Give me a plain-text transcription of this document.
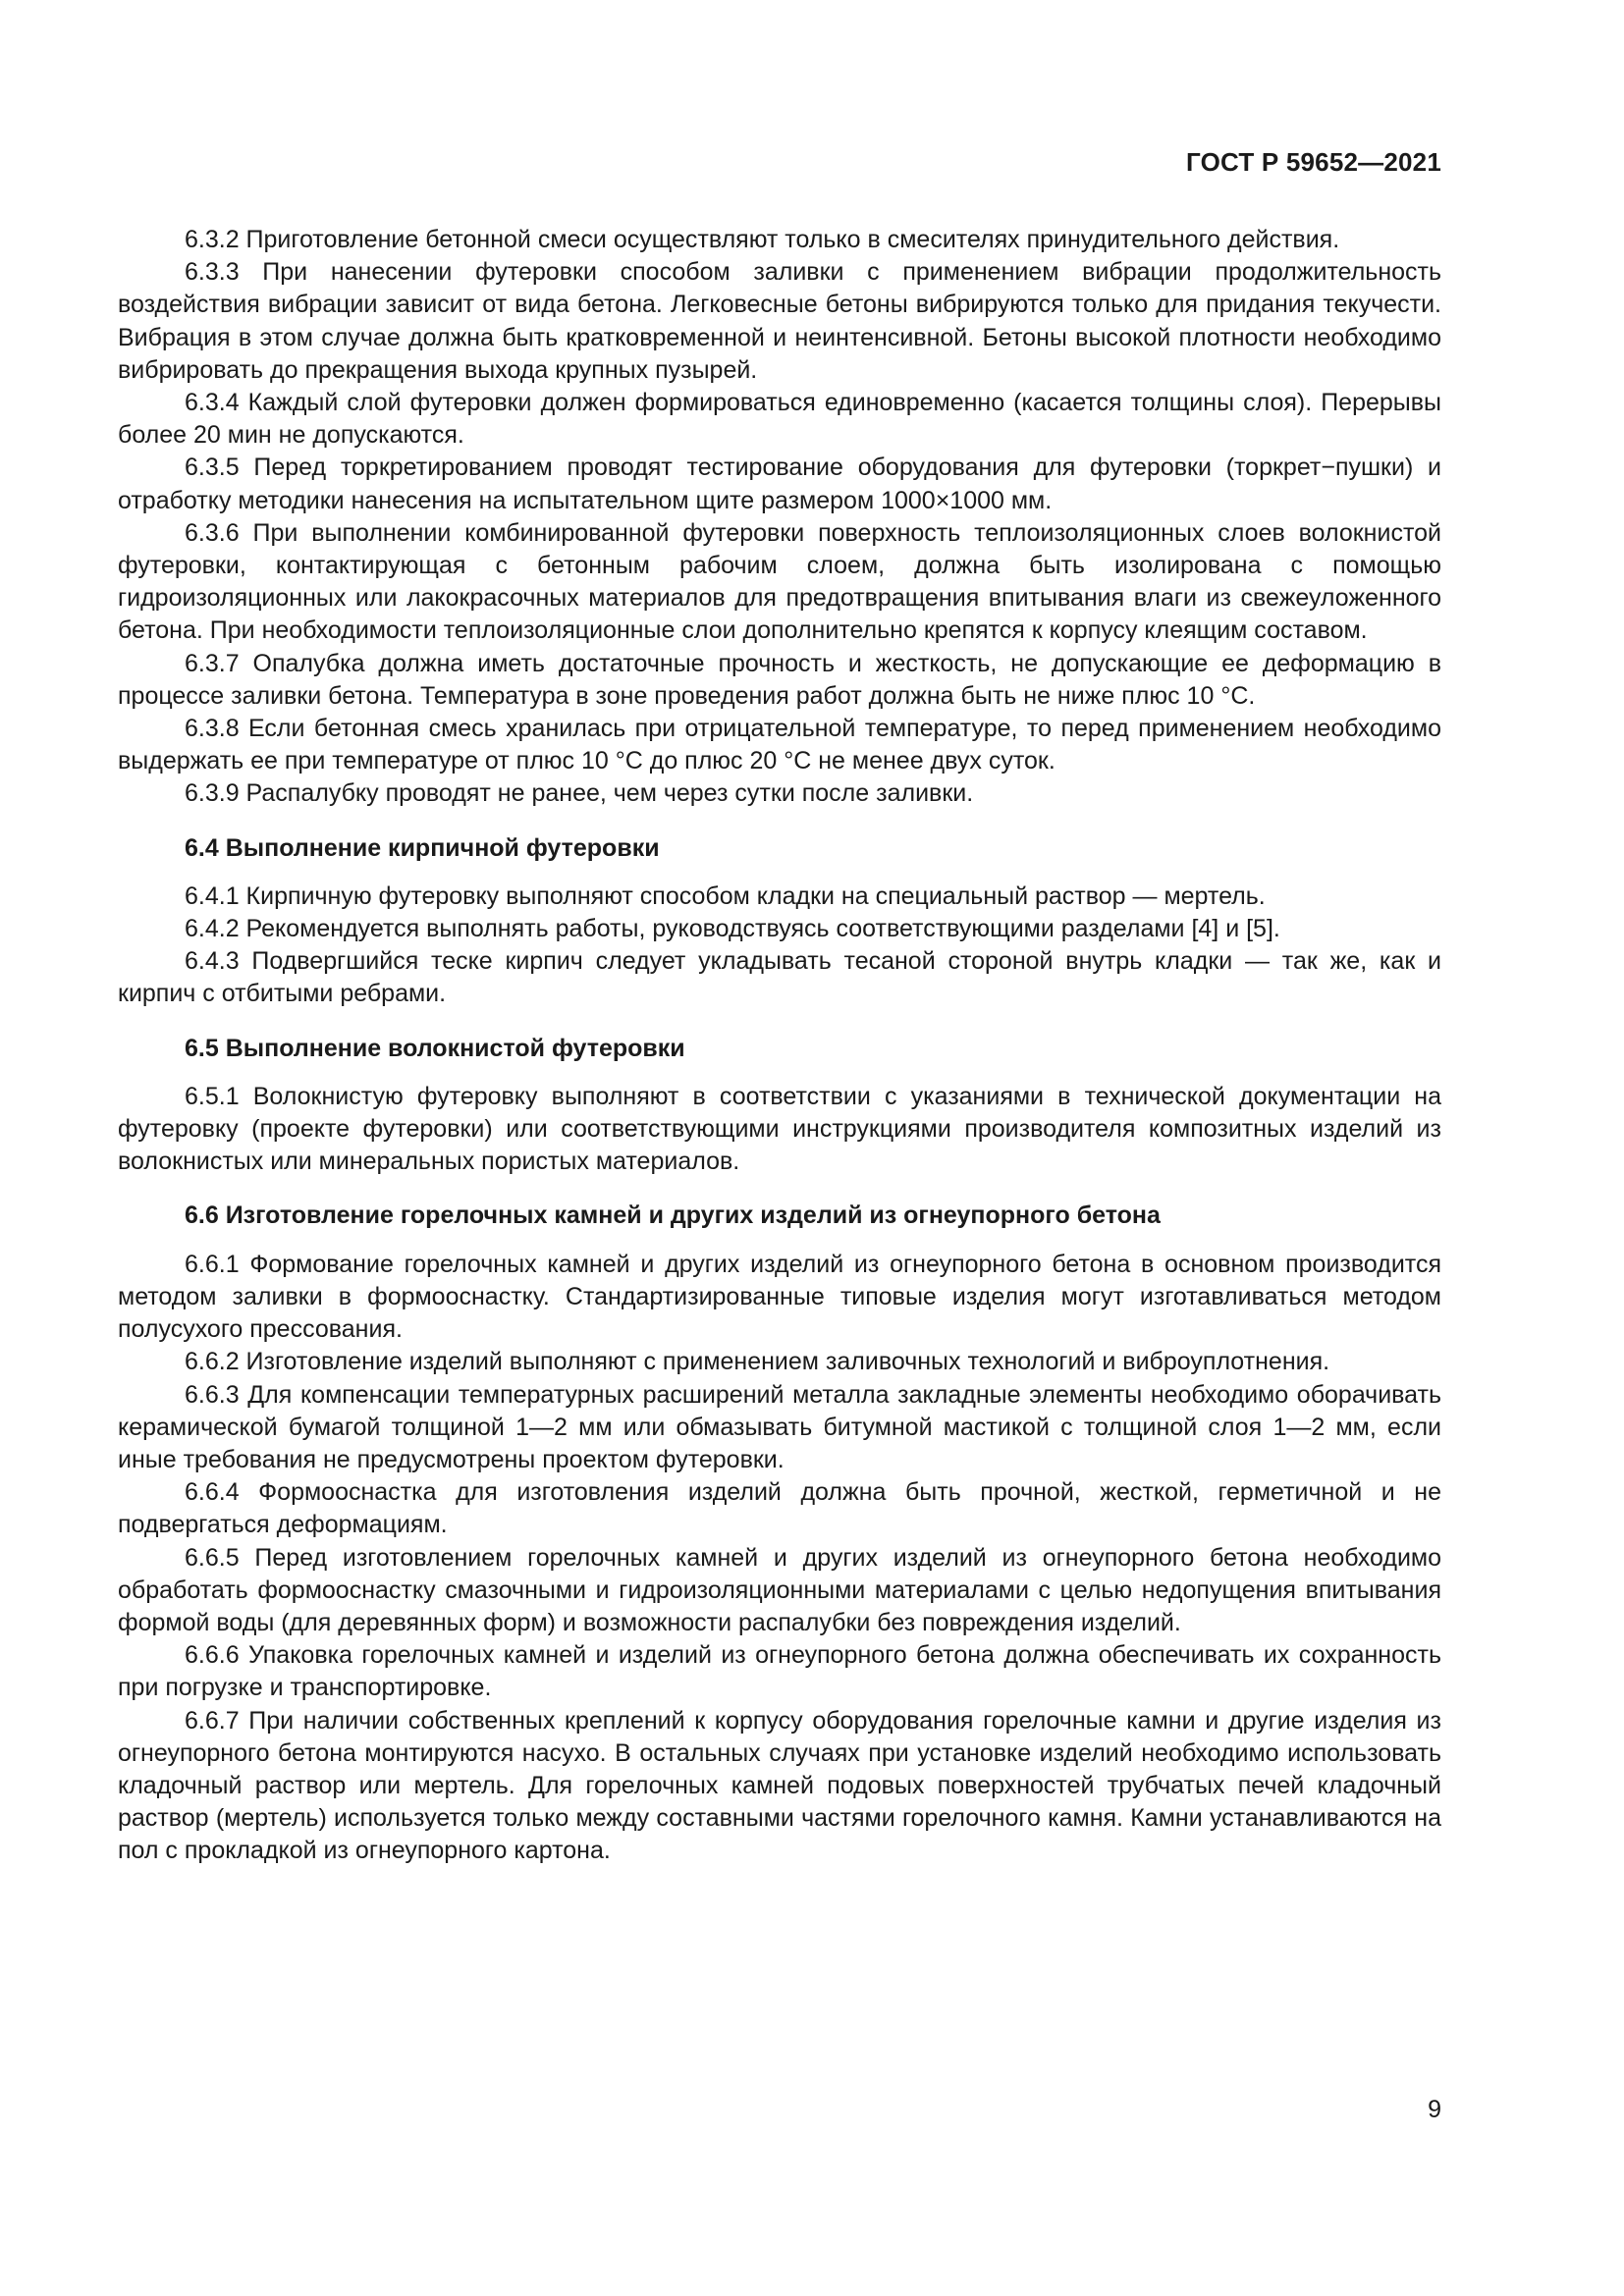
ГОСТ Р 59652—2021

6.3.2 Приготовление бетонной смеси осуществляют только в смесителях принудительного действия.

6.3.3 При нанесении футеровки способом заливки с применением вибрации продолжительность воздействия вибрации зависит от вида бетона. Легковесные бетоны вибрируются только для придания текучести. Вибрация в этом случае должна быть кратковременной и неинтенсивной. Бетоны высокой плотности необходимо вибрировать до прекращения выхода крупных пузырей.

6.3.4 Каждый слой футеровки должен формироваться единовременно (касается толщины слоя). Перерывы более 20 мин не допускаются.

6.3.5 Перед торкретированием проводят тестирование оборудования для футеровки (торкрет−пушки) и отработку методики нанесения на испытательном щите размером 1000×1000 мм.

6.3.6 При выполнении комбинированной футеровки поверхность теплоизоляционных слоев волокнистой футеровки, контактирующая с бетонным рабочим слоем, должна быть изолирована с помощью гидроизоляционных или лакокрасочных материалов для предотвращения впитывания влаги из свежеуложенного бетона. При необходимости теплоизоляционные слои дополнительно крепятся к корпусу клеящим составом.

6.3.7 Опалубка должна иметь достаточные прочность и жесткость, не допускающие ее деформацию в процессе заливки бетона. Температура в зоне проведения работ должна быть не ниже плюс 10 °С.

6.3.8 Если бетонная смесь хранилась при отрицательной температуре, то перед применением необходимо выдержать ее при температуре от плюс 10 °С до плюс 20 °С не менее двух суток.

6.3.9 Распалубку проводят не ранее, чем через сутки после заливки.

6.4 Выполнение кирпичной футеровки

6.4.1 Кирпичную футеровку выполняют способом кладки на специальный раствор — мертель.

6.4.2 Рекомендуется выполнять работы, руководствуясь соответствующими разделами [4] и [5].

6.4.3 Подвергшийся теске кирпич следует укладывать тесаной стороной внутрь кладки — так же, как и кирпич с отбитыми ребрами.

6.5 Выполнение волокнистой футеровки

6.5.1 Волокнистую футеровку выполняют в соответствии с указаниями в технической документации на футеровку (проекте футеровки) или соответствующими инструкциями производителя композитных изделий из волокнистых или минеральных пористых материалов.

6.6 Изготовление горелочных камней и других изделий из огнеупорного бетона

6.6.1 Формование горелочных камней и других изделий из огнеупорного бетона в основном производится методом заливки в формооснастку. Стандартизированные типовые изделия могут изготавливаться методом полусухого прессования.

6.6.2 Изготовление изделий выполняют с применением заливочных технологий и виброуплотнения.

6.6.3 Для компенсации температурных расширений металла закладные элементы необходимо оборачивать керамической бумагой толщиной 1—2 мм или обмазывать битумной мастикой с толщиной слоя 1—2 мм, если иные требования не предусмотрены проектом футеровки.

6.6.4 Формооснастка для изготовления изделий должна быть прочной, жесткой, герметичной и не подвергаться деформациям.

6.6.5 Перед изготовлением горелочных камней и других изделий из огнеупорного бетона необходимо обработать формооснастку смазочными и гидроизоляционными материалами с целью недопущения впитывания формой воды (для деревянных форм) и возможности распалубки без повреждения изделий.

6.6.6 Упаковка горелочных камней и изделий из огнеупорного бетона должна обеспечивать их сохранность при погрузке и транспортировке.

6.6.7 При наличии собственных креплений к корпусу оборудования горелочные камни и другие изделия из огнеупорного бетона монтируются насухо. В остальных случаях при установке изделий необходимо использовать кладочный раствор или мертель. Для горелочных камней подовых поверхностей трубчатых печей кладочный раствор (мертель) используется только между составными частями горелочного камня. Камни устанавливаются на пол с прокладкой из огнеупорного картона.

9
